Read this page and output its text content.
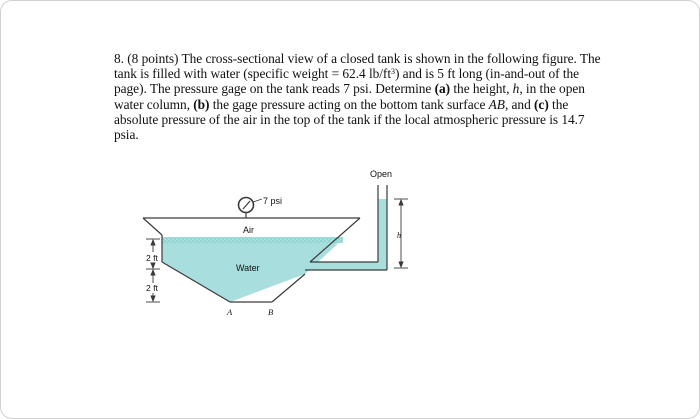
8. (8 points) The cross-sectional view of a closed tank is shown in the following figure. The tank is filled with water (specific weight = 62.4 $lb/ft^3$) and is 5 ft long (in-and-out of the page). The pressure gage on the tank reads 7 psi. Determine (a) the height, h, in the open water column, (b) the gage pressure acting on the bottom tank surface AB, and (c) the absolute pressure of the air in the top of the tank if the local atmospheric pressure is 14.7 psia.

7 psi
Air
Water
Open
h
2 ft
2 ft
A	B
